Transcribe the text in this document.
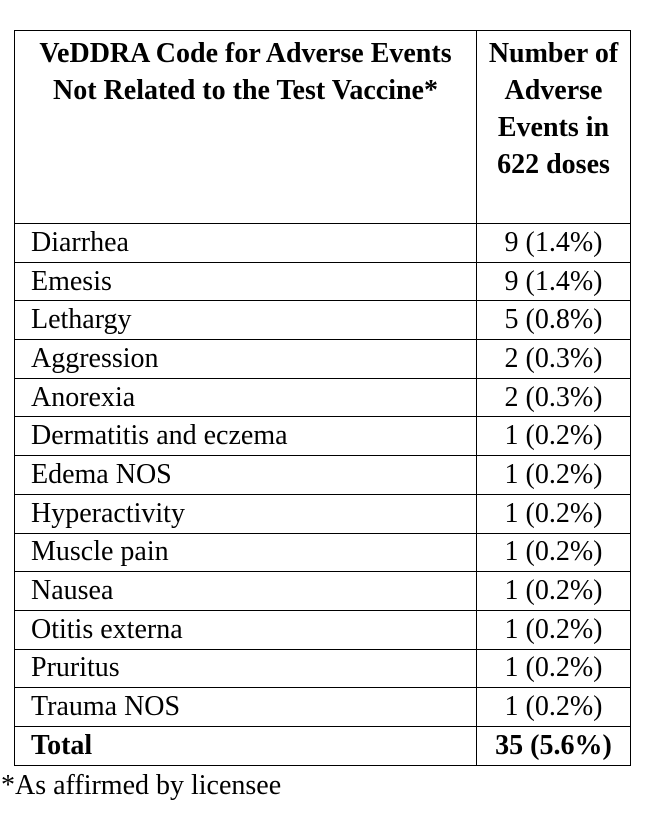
VeDDRA Code for Adverse Events Not Related to the Test Vaccine*	Number of Adverse Events in 622 doses
Diarrhea	9 (1.4%)
Emesis	9 (1.4%)
Lethargy	5 (0.8%)
Aggression	2 (0.3%)
Anorexia	2 (0.3%)
Dermatitis and eczema	1 (0.2%)
Edema NOS	1 (0.2%)
Hyperactivity	1 (0.2%)
Muscle pain	1 (0.2%)
Nausea	1 (0.2%)
Otitis externa	1 (0.2%)
Pruritus	1 (0.2%)
Trauma NOS	1 (0.2%)
Total	35 (5.6%)
*As affirmed by licensee
